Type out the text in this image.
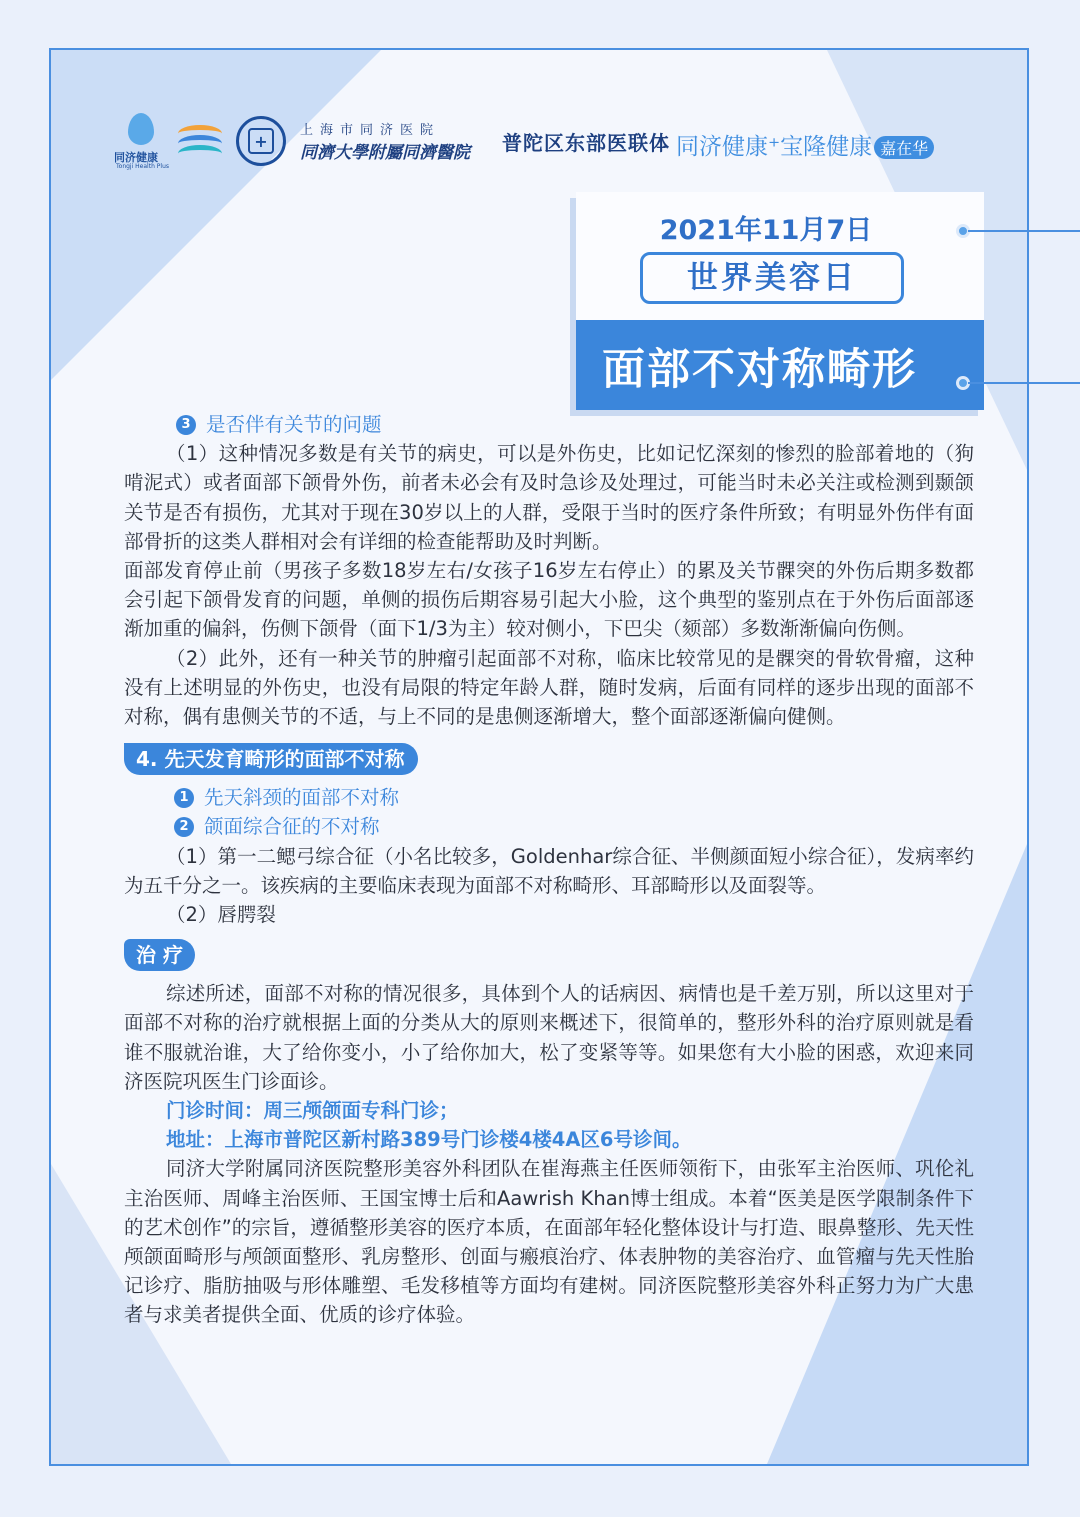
同济健康
Tongji Health Plus
+
上海市同济医院
同濟大學附屬同濟醫院 普陀区东部医联体 同济健康⁺宝隆健康 嘉在华
2021年11月7日
世界美容日
面部不对称畸形
3 是否伴有关节的问题

（1）这种情况多数是有关节的病史，可以是外伤史，比如记忆深刻的惨烈的脸部着地的（狗啃泥式）或者面部下颌骨外伤，前者未必会有及时急诊及处理过，可能当时未必关注或检测到颞颌关节是否有损伤，尤其对于现在30岁以上的人群，受限于当时的医疗条件所致；有明显外伤伴有面部骨折的这类人群相对会有详细的检查能帮助及时判断。

面部发育停止前（男孩子多数18岁左右/女孩子16岁左右停止）的累及关节髁突的外伤后期多数都会引起下颌骨发育的问题，单侧的损伤后期容易引起大小脸，这个典型的鉴别点在于外伤后面部逐渐加重的偏斜，伤侧下颌骨（面下1/3为主）较对侧小，下巴尖（颏部）多数渐渐偏向伤侧。

（2）此外，还有一种关节的肿瘤引起面部不对称，临床比较常见的是髁突的骨软骨瘤，这种没有上述明显的外伤史，也没有局限的特定年龄人群，随时发病，后面有同样的逐步出现的面部不对称，偶有患侧关节的不适，与上不同的是患侧逐渐增大，整个面部逐渐偏向健侧。

4. 先天发育畸形的面部不对称
1 先天斜颈的面部不对称
2 颌面综合征的不对称

（1）第一二鳃弓综合征（小名比较多，Goldenhar综合征、半侧颜面短小综合征），发病率约为五千分之一。该疾病的主要临床表现为面部不对称畸形、耳部畸形以及面裂等。

（2）唇腭裂

治 疗

综述所述，面部不对称的情况很多，具体到个人的话病因、病情也是千差万别，所以这里对于面部不对称的治疗就根据上面的分类从大的原则来概述下，很简单的，整形外科的治疗原则就是看谁不服就治谁，大了给你变小，小了给你加大，松了变紧等等。如果您有大小脸的困惑，欢迎来同济医院巩医生门诊面诊。

门诊时间：周三颅颌面专科门诊；
地址：上海市普陀区新村路389号门诊楼4楼4A区6号诊间。

同济大学附属同济医院整形美容外科团队在崔海燕主任医师领衔下，由张军主治医师、巩伦礼主治医师、周峰主治医师、王国宝博士后和Aawrish Khan博士组成。本着“医美是医学限制条件下的艺术创作”的宗旨，遵循整形美容的医疗本质，在面部年轻化整体设计与打造、眼鼻整形、先天性颅颌面畸形与颅颌面整形、乳房整形、创面与瘢痕治疗、体表肿物的美容治疗、血管瘤与先天性胎记诊疗、脂肪抽吸与形体雕塑、毛发移植等方面均有建树。同济医院整形美容外科正努力为广大患者与求美者提供全面、优质的诊疗体验。
